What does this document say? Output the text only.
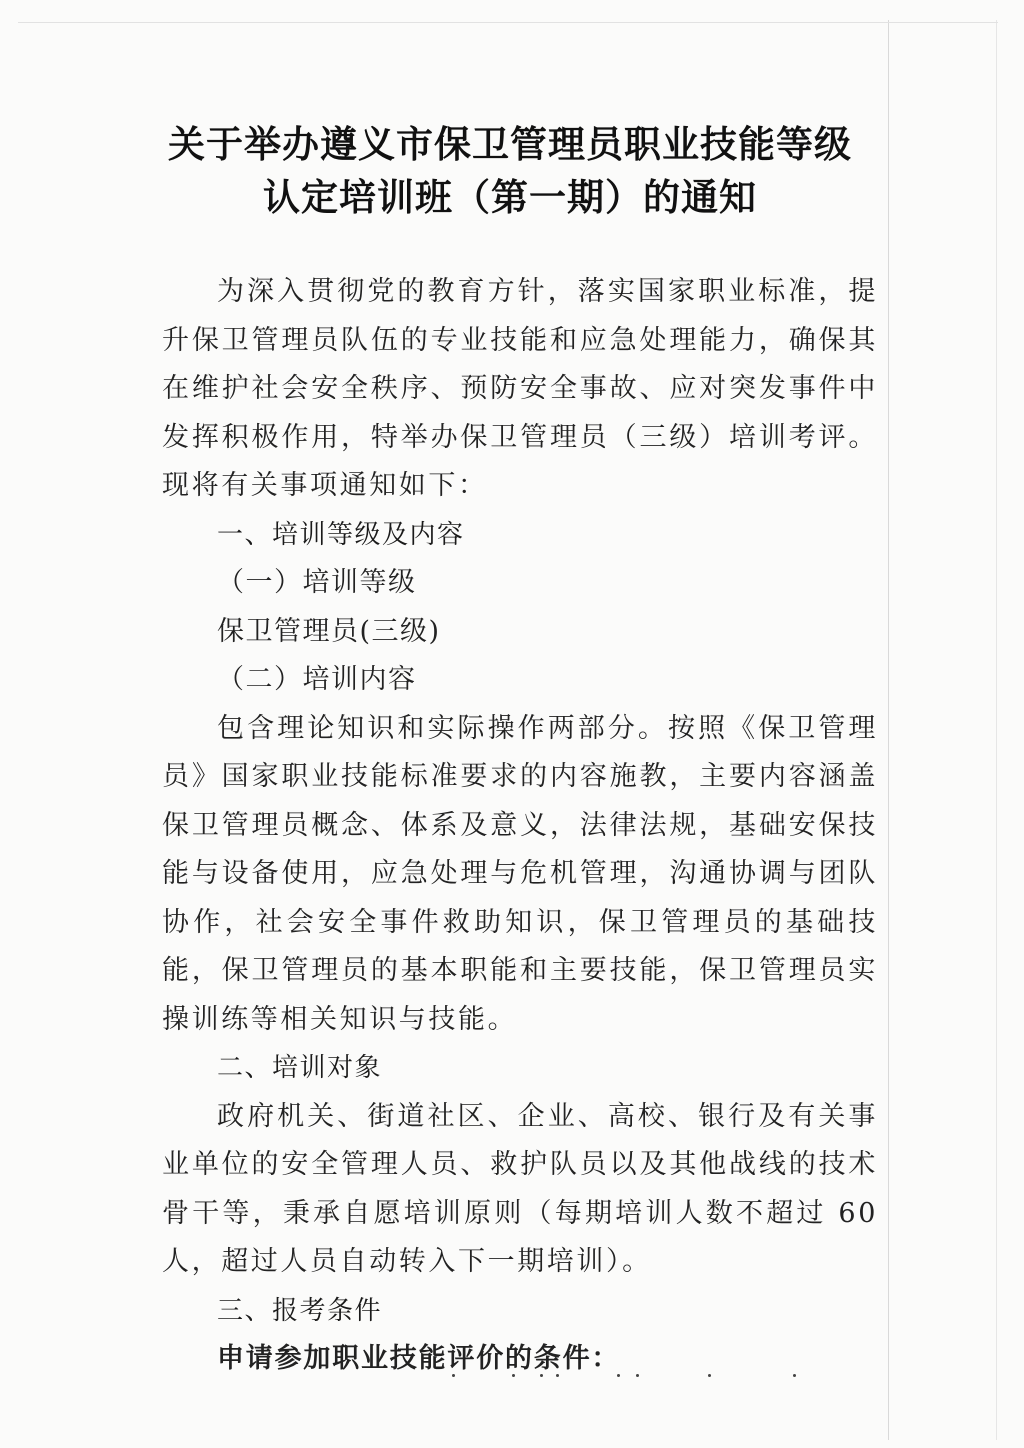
关于举办遵义市保卫管理员职业技能等级
认定培训班（第一期）的通知

为深入贯彻党的教育方针，落实国家职业标准，提升保卫管理员队伍的专业技能和应急处理能力，确保其在维护社会安全秩序、预防安全事故、应对突发事件中发挥积极作用，特举办保卫管理员（三级）培训考评。现将有关事项通知如下：

一、培训等级及内容

（一）培训等级

保卫管理员(三级)

（二）培训内容

包含理论知识和实际操作两部分。按照《保卫管理员》国家职业技能标准要求的内容施教，主要内容涵盖保卫管理员概念、体系及意义，法律法规，基础安保技能与设备使用，应急处理与危机管理，沟通协调与团队协作，社会安全事件救助知识，保卫管理员的基础技能，保卫管理员的基本职能和主要技能，保卫管理员实操训练等相关知识与技能。

二、培训对象

政府机关、街道社区、企业、高校、银行及有关事业单位的安全管理人员、救护队员以及其他战线的技术骨干等，秉承自愿培训原则（每期培训人数不超过 60 人，超过人员自动转入下一期培训）。

三、报考条件

申请参加职业技能评价的条件：
